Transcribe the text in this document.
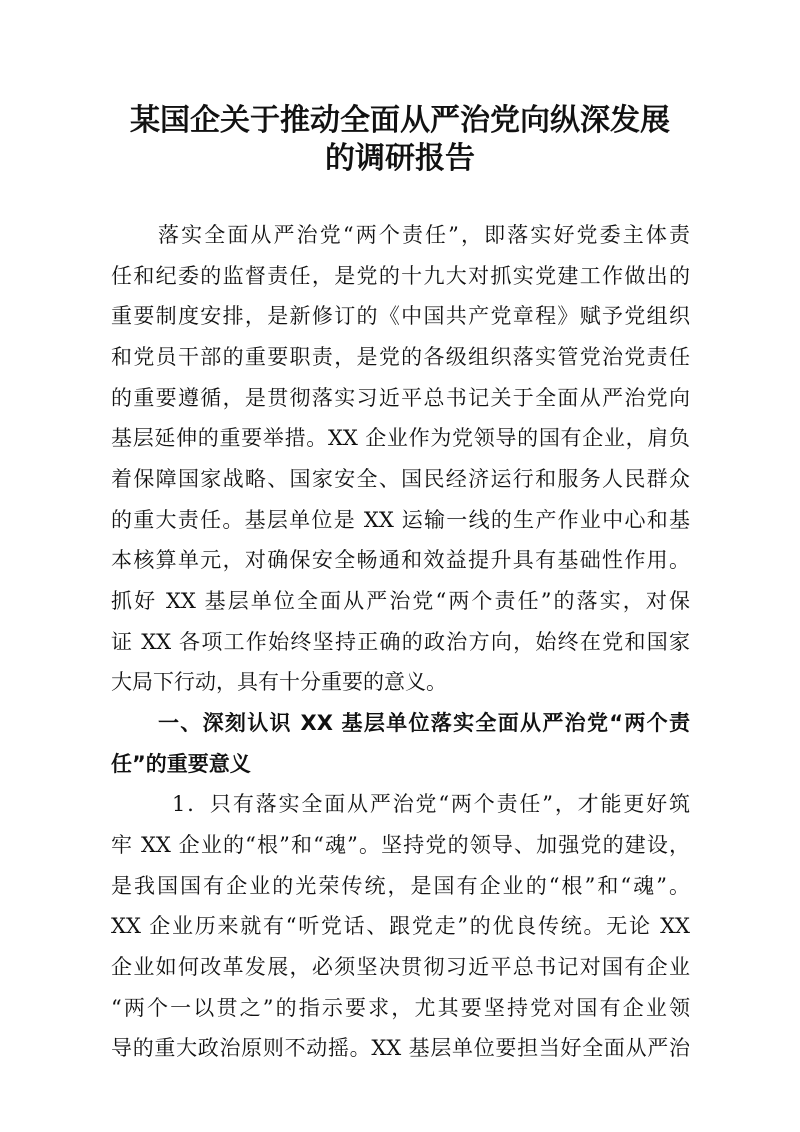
某国企关于推动全面从严治党向纵深发展
的调研报告
落实全面从严治党“两个责任”，即落实好党委主体责
任和纪委的监督责任，是党的十九大对抓实党建工作做出的
重要制度安排，是新修订的《中国共产党章程》赋予党组织
和党员干部的重要职责，是党的各级组织落实管党治党责任
的重要遵循，是贯彻落实习近平总书记关于全面从严治党向
基层延伸的重要举措。XX 企业作为党领导的国有企业，肩负
着保障国家战略、国家安全、国民经济运行和服务人民群众
的重大责任。基层单位是 XX 运输一线的生产作业中心和基
本核算单元，对确保安全畅通和效益提升具有基础性作用。
抓好 XX 基层单位全面从严治党“两个责任”的落实，对保
证 XX 各项工作始终坚持正确的政治方向，始终在党和国家
大局下行动，具有十分重要的意义。
一、深刻认识 XX 基层单位落实全面从严治党“两个责
任”的重要意义
1．只有落实全面从严治党“两个责任”，才能更好筑
牢 XX 企业的“根”和“魂”。坚持党的领导、加强党的建设，
是我国国有企业的光荣传统，是国有企业的“根”和“魂”。
XX 企业历来就有“听党话、跟党走”的优良传统。无论 XX
企业如何改革发展，必须坚决贯彻习近平总书记对国有企业
“两个一以贯之”的指示要求，尤其要坚持党对国有企业领
导的重大政治原则不动摇。XX 基层单位要担当好全面从严治
